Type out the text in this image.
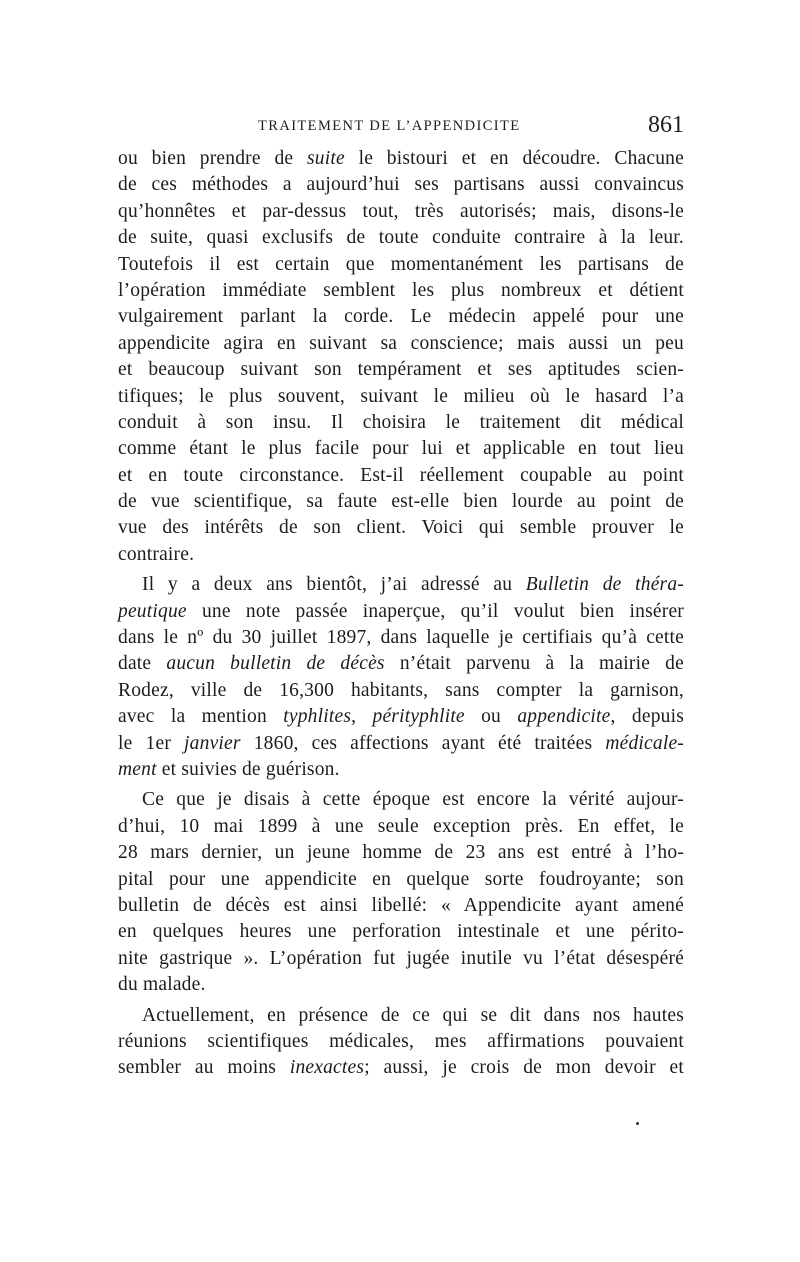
TRAITEMENT DE L’APPENDICITE	861
ou bien prendre de suite le bistouri et en découdre. Chacune
de ces méthodes a aujourd’hui ses partisans aussi convaincus
qu’honnêtes et par-dessus tout, très autorisés; mais, disons-le
de suite, quasi exclusifs de toute conduite contraire à la leur.
Toutefois il est certain que momentanément les partisans de
l’opération immédiate semblent les plus nombreux et détient
vulgairement parlant la corde. Le médecin appelé pour une
appendicite agira en suivant sa conscience; mais aussi un peu
et beaucoup suivant son tempérament et ses aptitudes scien-
tifiques; le plus souvent, suivant le milieu où le hasard l’a
conduit à son insu. Il choisira le traitement dit médical
comme étant le plus facile pour lui et applicable en tout lieu
et en toute circonstance. Est-il réellement coupable au point
de vue scientifique, sa faute est-elle bien lourde au point de
vue des intérêts de son client. Voici qui semble prouver le
contraire.
Il y a deux ans bientôt, j’ai adressé au Bulletin de théra-
peutique une note passée inaperçue, qu’il voulut bien insérer
dans le nº du 30 juillet 1897, dans laquelle je certifiais qu’à cette
date aucun bulletin de décès n’était parvenu à la mairie de
Rodez, ville de 16,300 habitants, sans compter la garnison,
avec la mention typhlites, pérityphlite ou appendicite, depuis
le 1er janvier 1860, ces affections ayant été traitées médicale-
ment et suivies de guérison.
Ce que je disais à cette époque est encore la vérité aujour-
d’hui, 10 mai 1899 à une seule exception près. En effet, le
28 mars dernier, un jeune homme de 23 ans est entré à l’ho-
pital pour une appendicite en quelque sorte foudroyante; son
bulletin de décès est ainsi libellé: « Appendicite ayant amené
en quelques heures une perforation intestinale et une périto-
nite gastrique ». L’opération fut jugée inutile vu l’état désespéré
du malade.
Actuellement, en présence de ce qui se dit dans nos hautes
réunions scientifiques médicales, mes affirmations pouvaient
sembler au moins inexactes; aussi, je crois de mon devoir et
